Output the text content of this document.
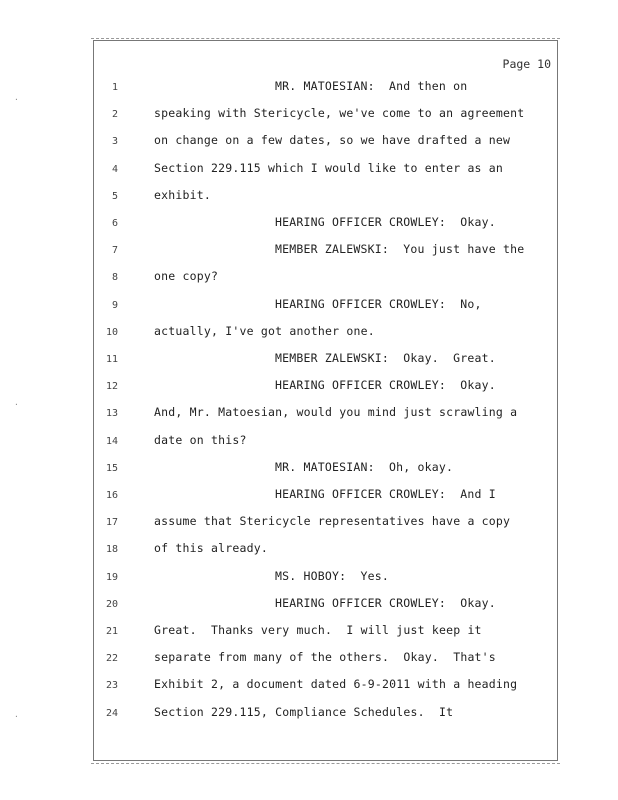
Page 10
1	MR. MATOESIAN:  And then on
2	speaking with Stericycle, we've come to an agreement
3	on change on a few dates, so we have drafted a new
4	Section 229.115 which I would like to enter as an
5	exhibit.
6	HEARING OFFICER CROWLEY:  Okay.
7	MEMBER ZALEWSKI:  You just have the
8	one copy?
9	HEARING OFFICER CROWLEY:  No,
10	actually, I've got another one.
11	MEMBER ZALEWSKI:  Okay.  Great.
12	HEARING OFFICER CROWLEY:  Okay.
13	And, Mr. Matoesian, would you mind just scrawling a
14	date on this?
15	MR. MATOESIAN:  Oh, okay.
16	HEARING OFFICER CROWLEY:  And I
17	assume that Stericycle representatives have a copy
18	of this already.
19	MS. HOBOY:  Yes.
20	HEARING OFFICER CROWLEY:  Okay.
21	Great.  Thanks very much.  I will just keep it
22	separate from many of the others.  Okay.  That's
23	Exhibit 2, a document dated 6-9-2011 with a heading
24	Section 229.115, Compliance Schedules.  It
·
·
·
